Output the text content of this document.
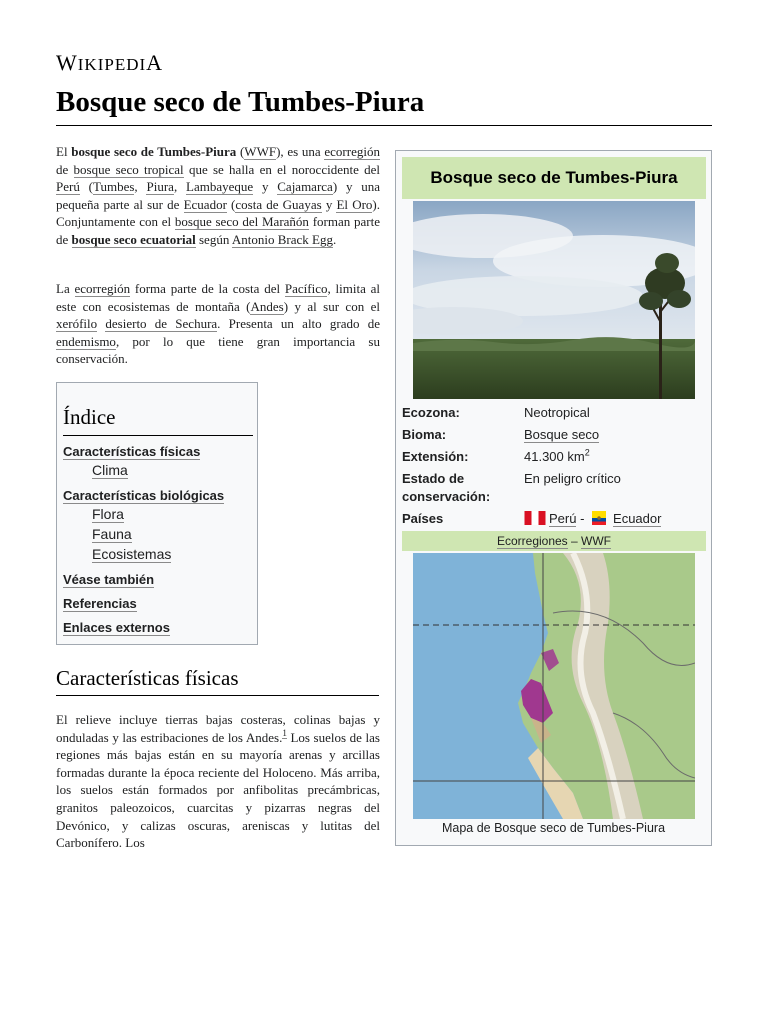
WIKIPEDIA
Bosque seco de Tumbes-Piura
El bosque seco de Tumbes-Piura (WWF), es una ecorregión de bosque seco tropical que se halla en el noroccidente del Perú (Tumbes, Piura, Lambayeque y Cajamarca) y una pequeña parte al sur de Ecuador (costa de Guayas y El Oro). Conjuntamente con el bosque seco del Marañón forman parte de bosque seco ecuatorial según Antonio Brack Egg.
La ecorregión forma parte de la costa del Pacífico, limita al este con ecosistemas de montaña (Andes) y al sur con el xerófilo desierto de Sechura. Presenta un alto grado de endemismo, por lo que tiene gran importancia su conservación.
Índice
Características físicas
Clima
Características biológicas
Flora
Fauna
Ecosistemas
Véase también
Referencias
Enlaces externos
Características físicas
El relieve incluye tierras bajas costeras, colinas bajas y onduladas y las estribaciones de los Andes.$^1$ Los suelos de las regiones más bajas están en su mayoría arenas y arcillas formadas durante la época reciente del Holoceno. Más arriba, los suelos están formados por anfibolitas precámbricas, granitos paleozoicos, cuarcitas y pizarras negras del Devónico, y calizas oscuras, areniscas y lutitas del Carbonífero. Los
Bosque seco de Tumbes-Piura
Ecozona:	Neotropical
Bioma:	Bosque seco
Extensión:	41.300 $km^2$
Estado de conservación:
En peligro crítico
Países	Perú - Ecuador
Ecorregiones – WWF
Mapa de Bosque seco de Tumbes-Piura
